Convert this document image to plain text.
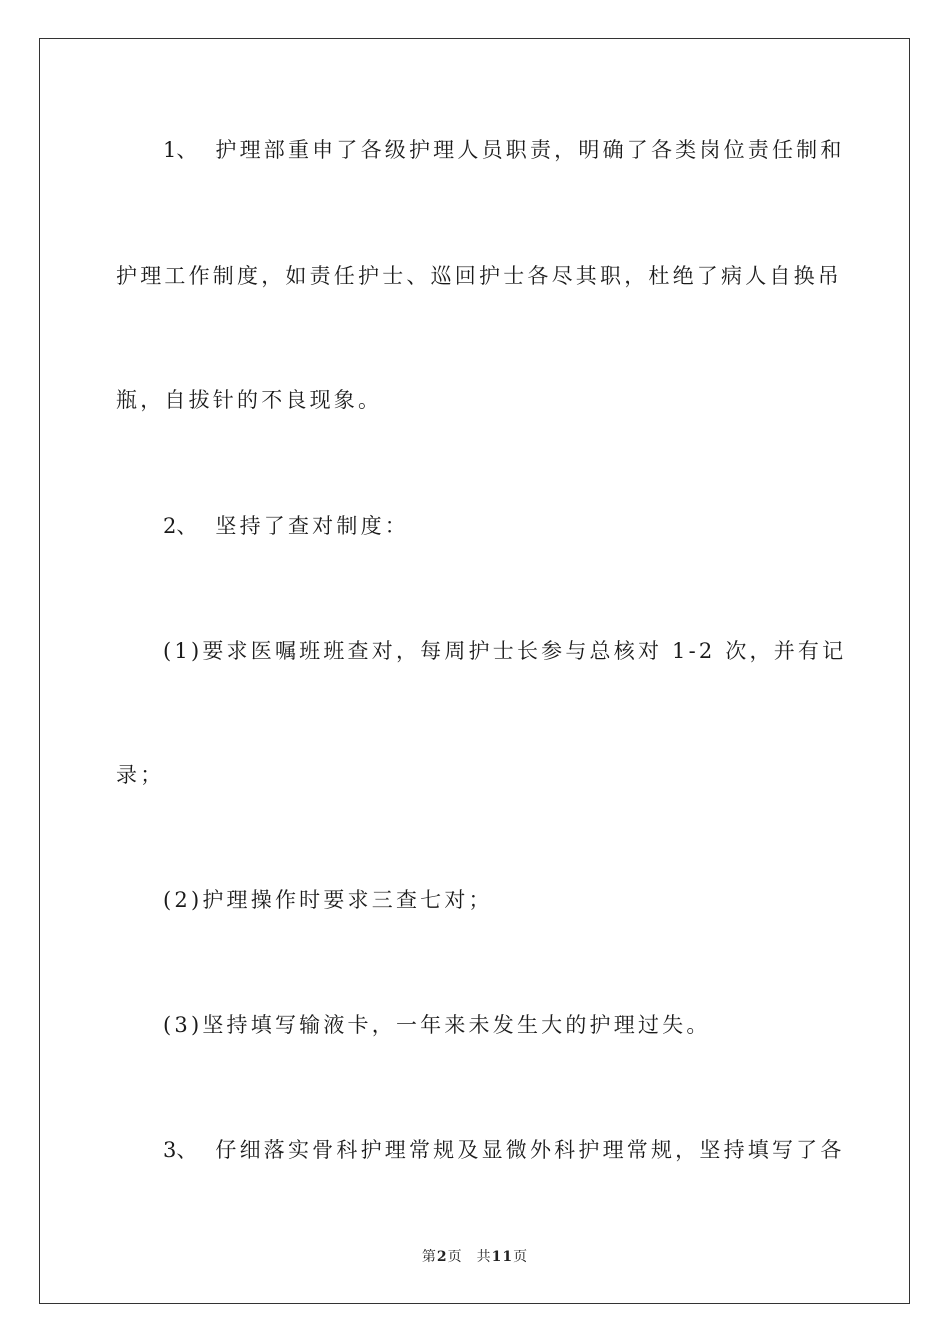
1、 护理部重申了各级护理人员职责，明确了各类岗位责任制和
护理工作制度，如责任护士、巡回护士各尽其职，杜绝了病人自换吊
瓶，自拔针的不良现象。
2、 坚持了查对制度：
(1)要求医嘱班班查对，每周护士长参与总核对 1-2 次，并有记
录；
(2)护理操作时要求三查七对；
(3)坚持填写输液卡，一年来未发生大的护理过失。
3、 仔细落实骨科护理常规及显微外科护理常规，坚持填写了各
第2页 共11页
